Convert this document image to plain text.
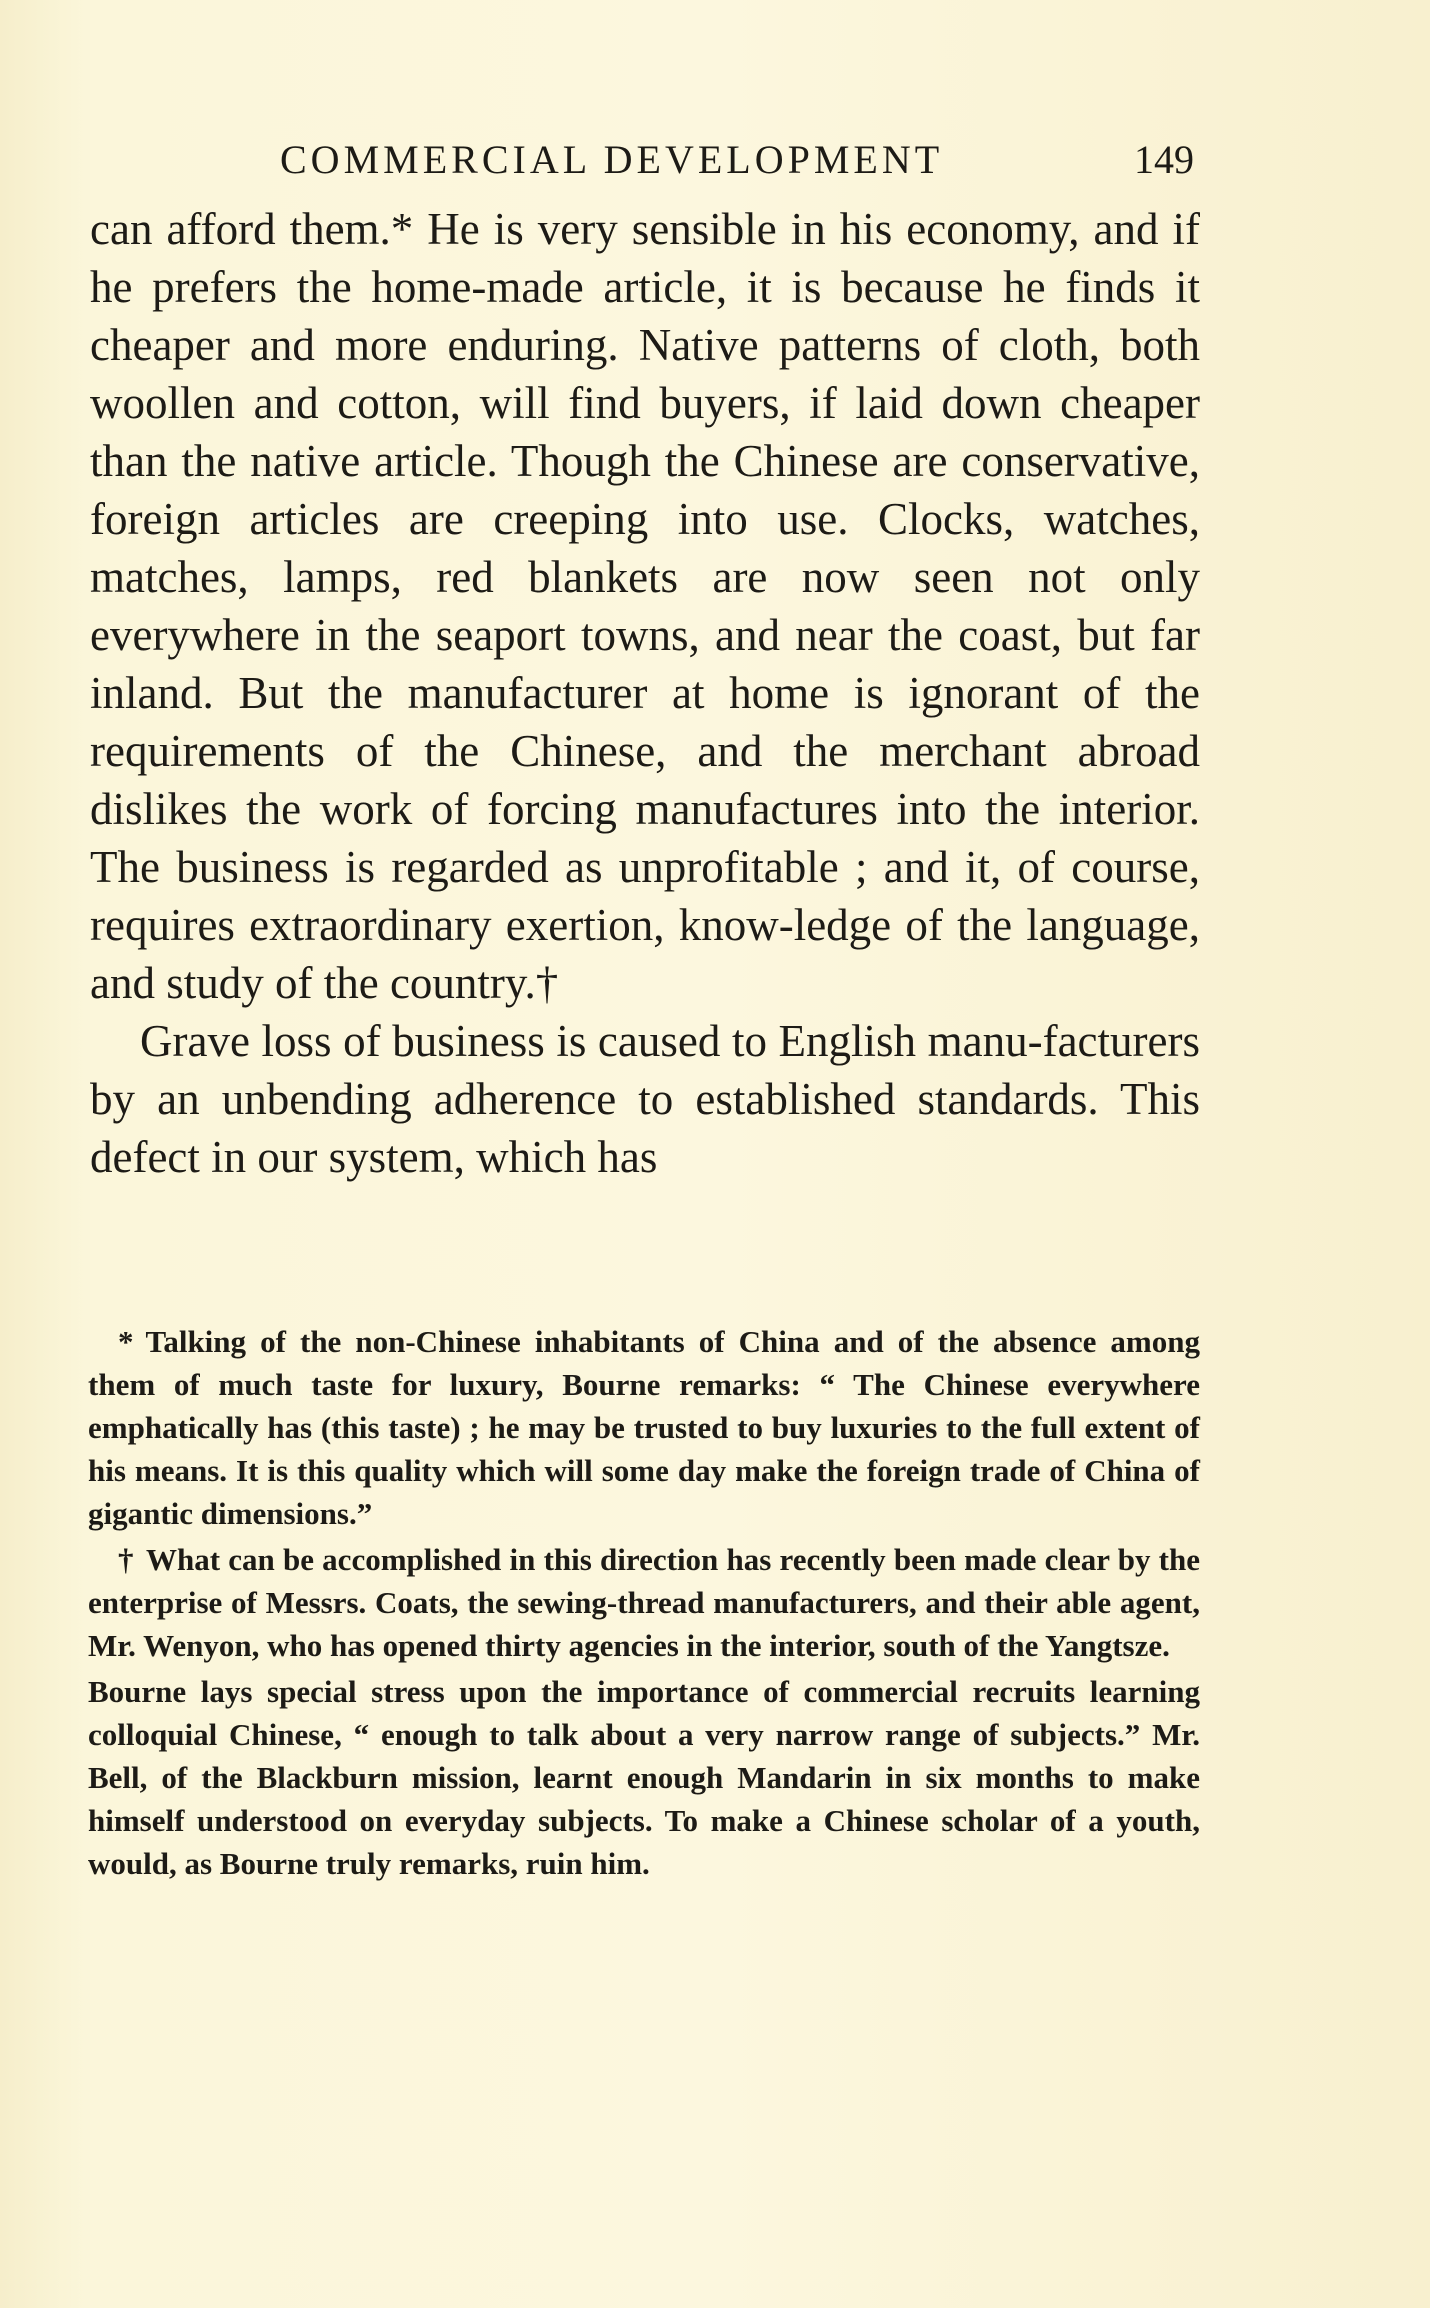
COMMERCIAL DEVELOPMENT	149

can afford them.* He is very sensible in his economy, and if he prefers the home-made article, it is because he finds it cheaper and more enduring. Native patterns of cloth, both woollen and cotton, will find buyers, if laid down cheaper than the native article. Though the Chinese are conservative, foreign articles are creeping into use. Clocks, watches, matches, lamps, red blankets are now seen not only everywhere in the seaport towns, and near the coast, but far inland. But the manufacturer at home is ignorant of the requirements of the Chinese, and the merchant abroad dislikes the work of forcing manufactures into the interior. The business is regarded as unprofitable ; and it, of course, requires extraordinary exertion, know-ledge of the language, and study of the country.†

Grave loss of business is caused to English manu-facturers by an unbending adherence to established standards. This defect in our system, which has

* Talking of the non-Chinese inhabitants of China and of the absence among them of much taste for luxury, Bourne remarks: “ The Chinese everywhere emphatically has (this taste) ; he may be trusted to buy luxuries to the full extent of his means. It is this quality which will some day make the foreign trade of China of gigantic dimensions.”

† What can be accomplished in this direction has recently been made clear by the enterprise of Messrs. Coats, the sewing-thread manufacturers, and their able agent, Mr. Wenyon, who has opened thirty agencies in the interior, south of the Yangtsze.

Bourne lays special stress upon the importance of commercial recruits learning colloquial Chinese, “ enough to talk about a very narrow range of subjects.” Mr. Bell, of the Blackburn mission, learnt enough Mandarin in six months to make himself understood on everyday subjects. To make a Chinese scholar of a youth, would, as Bourne truly remarks, ruin him.
